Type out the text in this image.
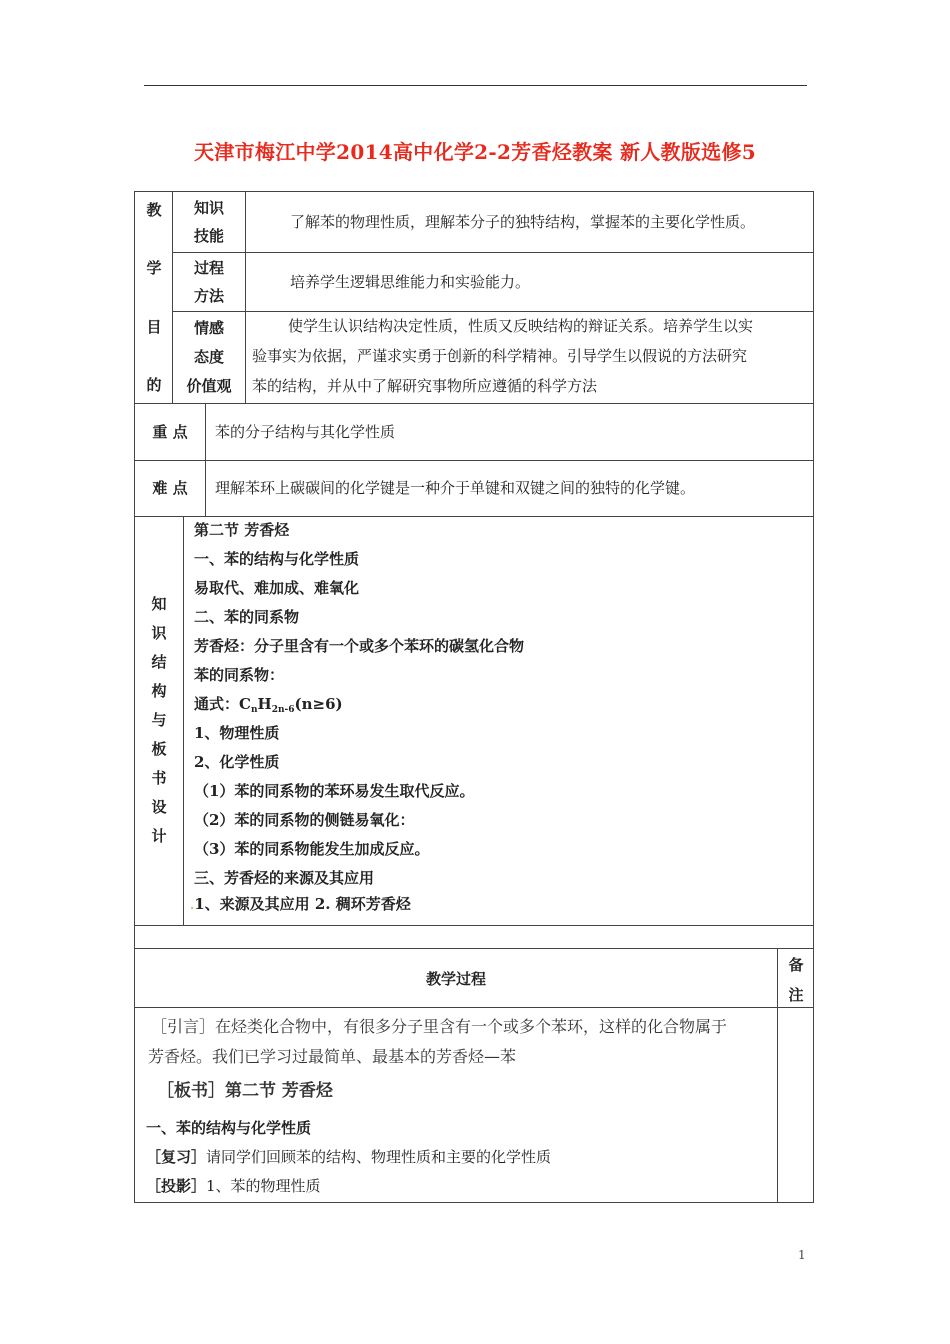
天津市梅江中学2014高中化学2-2芳香烃教案 新人教版选修5
教
学
目
的
知识
技能
过程
方法
情感
态度
价值观
了解苯的物理性质，理解苯分子的独特结构，掌握苯的主要化学性质。
培养学生逻辑思维能力和实验能力。
使学生认识结构决定性质，性质又反映结构的辩证关系。培养学生以实
验事实为依据，严谨求实勇于创新的科学精神。引导学生以假说的方法研究
苯的结构，并从中了解研究事物所应遵循的科学方法
重 点	苯的分子结构与其化学性质
难 点	理解苯环上碳碳间的化学键是一种介于单键和双键之间的独特的化学键。
知
识
结
构
与
板
书
设
计
第二节 芳香烃
一、苯的结构与化学性质
易取代、难加成、难氧化
二、苯的同系物
芳香烃：分子里含有一个或多个苯环的碳氢化合物
苯的同系物：
通式：$C_nH_{2n-6}(n\ge 6)$
1、物理性质
2、化学性质
（1）苯的同系物的苯环易发生取代反应。
（2）苯的同系物的侧链易氧化：
（3）苯的同系物能发生加成反应。
三、芳香烃的来源及其应用
.1、来源及其应用 2. 稠环芳香烃
教学过程
备
注
［引言］在烃类化合物中，有很多分子里含有一个或多个苯环，这样的化合物属于
芳香烃。我们已学习过最简单、最基本的芳香烃—苯
［板书］第二节 芳香烃
一、苯的结构与化学性质
［复习］请同学们回顾苯的结构、物理性质和主要的化学性质
［投影］1、苯的物理性质
1
